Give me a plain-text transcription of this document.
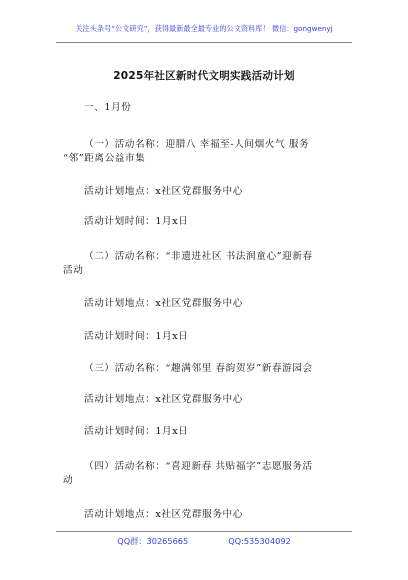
关注头条号“公文研究”，获得最新最全最专业的公文资料库！ 微信：gongwenyj
2025年社区新时代文明实践活动计划
一、1月份
（一）活动名称：迎腊八 幸福至-人间烟火气 服务
“邻”距离公益市集
活动计划地点：x社区党群服务中心
活动计划时间：1月x日
（二）活动名称：“非遗进社区 书法润童心”迎新春
活动
活动计划地点：x社区党群服务中心
活动计划时间：1月x日
（三）活动名称：“趣满邻里 春韵贺岁”新春游园会
活动计划地点：x社区党群服务中心
活动计划时间：1月x日
（四）活动名称：“喜迎新春 共贴福字”志愿服务活
动
活动计划地点：x社区党群服务中心
QQ群：30265665	QQ:535304092
